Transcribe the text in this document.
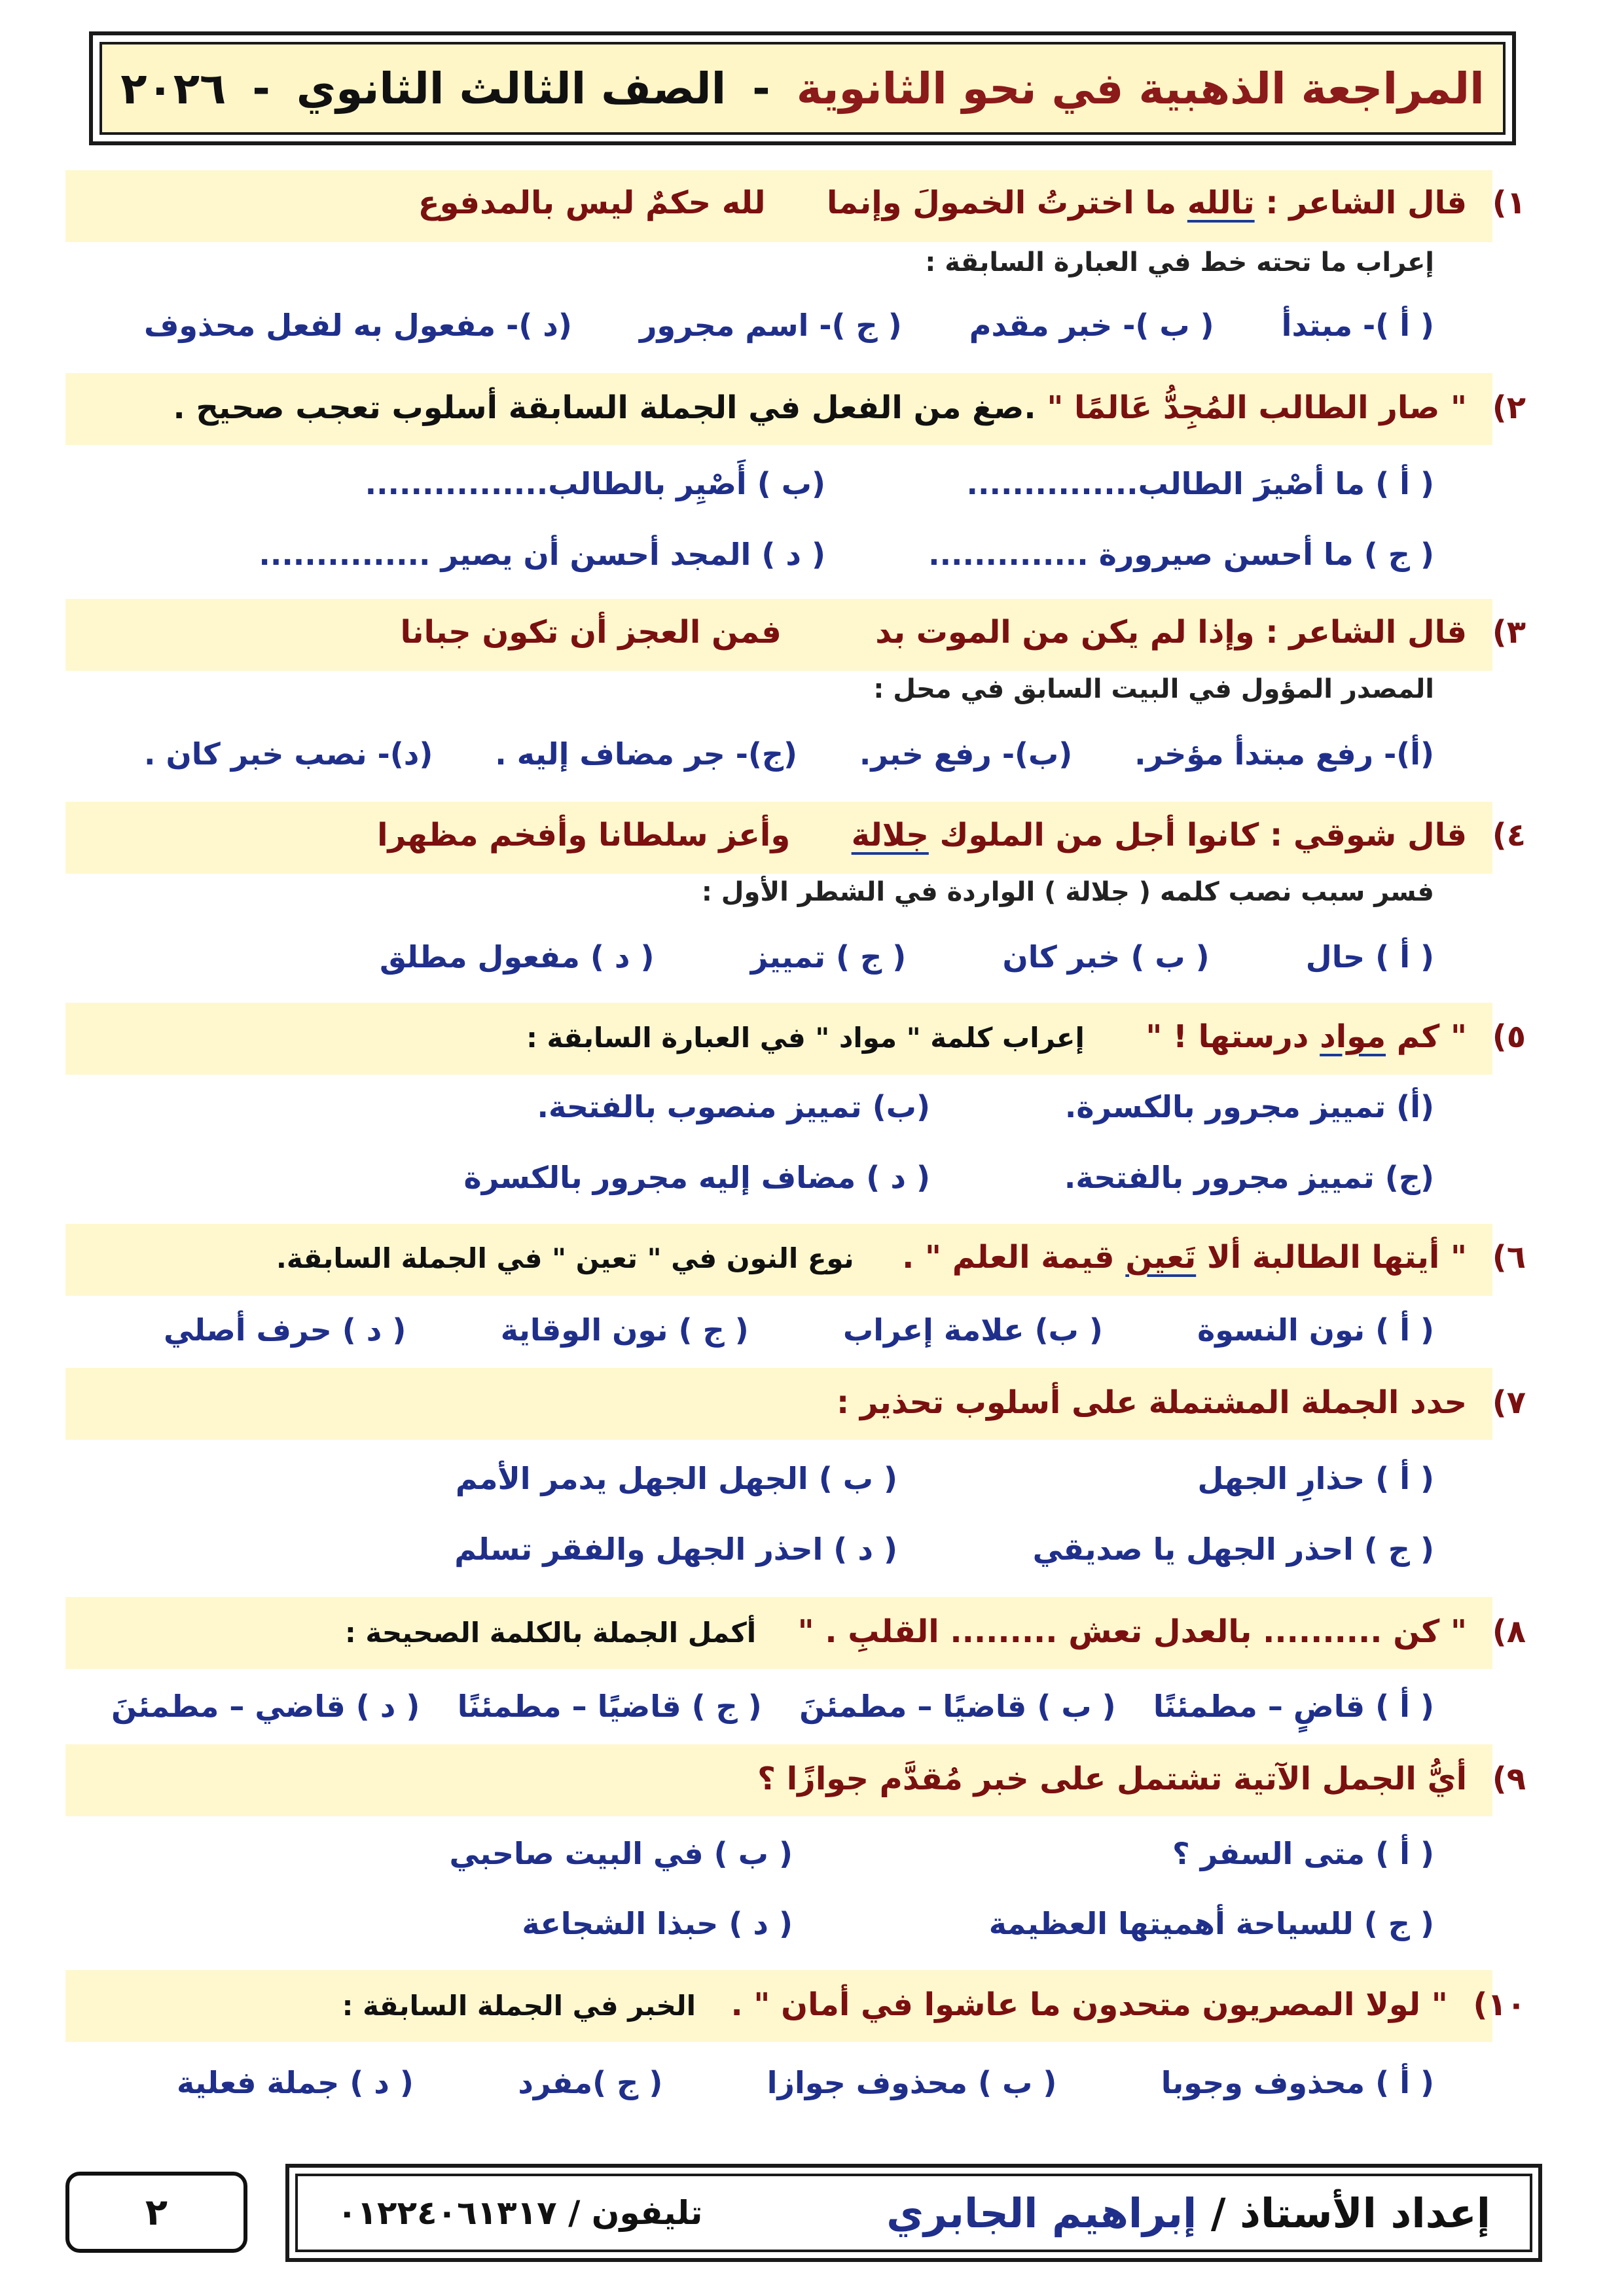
المراجعة الذهبية في نحو الثانوية
-
الصف الثالث الثانوي
-
٢٠٢٦
١) قال الشاعر : تالله ما اخترتُ الخمولَ وإنما  لله حكمٌ ليس بالمدفوع
إعراب ما تحته خط في العبارة السابقة :
( أ )- مبتدأ
( ب )- خبر مقدم
( ج )- اسم مجرور
(د )- مفعول به لفعل محذوف
٢) " صار الطالب المُجِدُّ عَالمًا " .صغ من الفعل في الجملة السابقة أسلوب تعجب صحيح .
( أ ) ما أصْيرَ الطالب...............
(ب ) أَصْيِر بالطالب................
( ج ) ما أحسن صيرورة ..............
( د ) المجد أحسن أن يصير ...............
٣) قال الشاعر : وإذا لم يكن من الموت بد  فمن العجز أن تكون جبانا
المصدر المؤول في البيت السابق في محل :
(أ)- رفع مبتدأ مؤخر.
(ب)- رفع خبر.
(ج)- جر مضاف إليه .
(د)- نصب خبر كان .
٤) قال شوقي : كانوا أجل من الملوك جلالة  وأعز سلطانا وأفخم مظهرا
فسر سبب نصب كلمه ( جلالة ) الواردة في الشطر الأول :
( أ ) حال
( ب ) خبر كان
( ج ) تمييز
( د ) مفعول مطلق
٥) " كم مواد درستها ! "  إعراب كلمة " مواد " في العبارة السابقة :
(أ) تمييز مجرور بالكسرة.
(ب) تمييز منصوب بالفتحة.
(ج) تمييز مجرور بالفتحة.
( د ) مضاف إليه مجرور بالكسرة
٦) " أيتها الطالبة ألا تَعين قيمة العلم " .  نوع النون في " تعين " في الجملة السابقة.
( أ ) نون النسوة
( ب) علامة إعراب
( ج ) نون الوقاية
( د ) حرف أصلي
٧) حدد الجملة المشتملة على أسلوب تحذير :
( أ ) حذارِ الجهل
( ب ) الجهل الجهل يدمر الأمم
( ج ) احذر الجهل يا صديقي
( د ) احذر الجهل والفقر تسلم
٨) " كن .......... بالعدل تعش ......... القلبِ . "  أكمل الجملة بالكلمة الصحيحة :
( أ ) قاضٍ – مطمئنًا
( ب ) قاضيًا – مطمئنَ
( ج ) قاضيًا – مطمئنًا
( د ) قاضي – مطمئنَ
٩) أيُّ الجمل الآتية تشتمل على خبر مُقدَّم جوازًا ؟
( أ ) متى السفر ؟
( ب ) في البيت صاحبي
( ج ) للسياحة أهميتها العظيمة
( د ) حبذا الشجاعة
١٠) " لولا المصريون متحدون ما عاشوا في أمان " .  الخبر في الجملة السابقة :
( أ ) محذوف وجوبا
( ب ) محذوف جوازا
( ج )مفرد
( د ) جملة فعلية
٢	إعداد الأستاذ / إبراهيم الجابري
تليفون / ٠١٢٢٤٠٦١٣١٧
